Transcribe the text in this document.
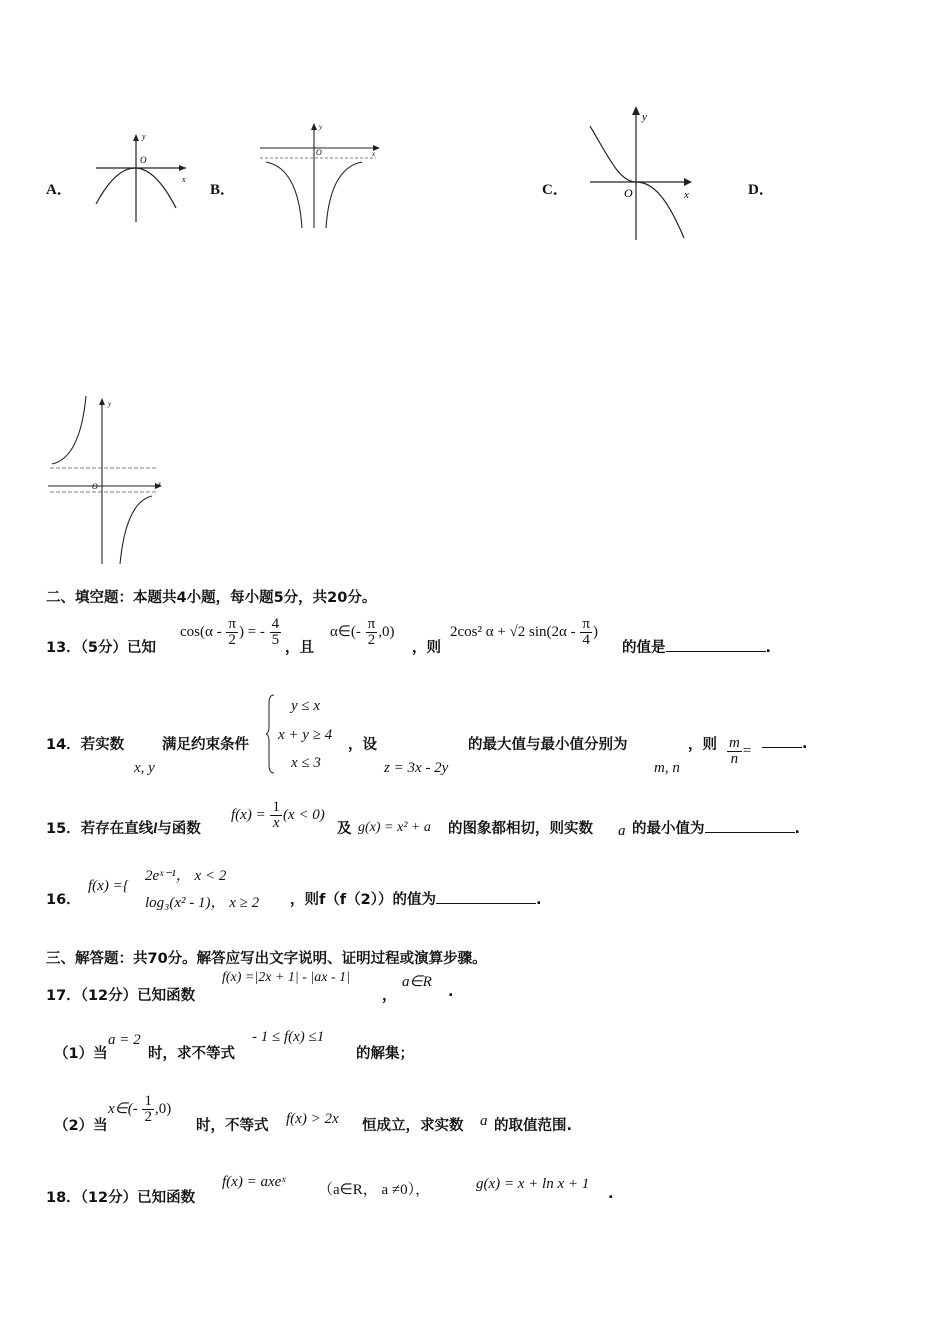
A．	B．	C．	D．
y
x
O
y
x
O
y
x
O
y
x
O
二、填空题：本题共4小题，每小题5分，共20分。
13．（5分）已知
$\cos(\alpha - \frac{\pi}{2}$ ) = - $\frac{4}{5}$ ，且
α∈(- $\frac{\pi}{2} ,0$)
，则
2cos² α + √2 $\sin(2\alpha - \frac{\pi}{4}$ )
的值是	.
14．若实数
x, y
满足约束条件
y ≤ x
x + y ≥ 4
x ≤ 3
，设
z = 3x - 2y
的最大值与最小值分别为
m, n
，则 $\frac{m}{n}$ =	.
15．若存在直线l与函数
$f(x) = \frac{1}{x} (x < 0)$
及 g(x) = x² + a 的图象都相切，则实数 a 的最小值为	.
16．
f(x) ={
2eˣ⁻¹， x < 2
log₃(x² - 1)， x ≥ 2 ，则f（f（2））的值为	.
三、解答题：共70分。解答应写出文字说明、证明过程或演算步骤。
17．（12分）已知函数
f(x) =|2x + 1| - |ax - 1|
，
a∈R
.
（1）当
a = 2
时，求不等式
- 1 ≤ f(x) ≤1
的解集；
（2）当
x∈(- $\frac{1}{2} ,0$)
时，不等式 f(x) > 2x 恒成立，求实数 a 的取值范围.
18．（12分）已知函数
f(x) = axeˣ （a∈R， a ≠0），	g(x) = x + ln x + 1
.
